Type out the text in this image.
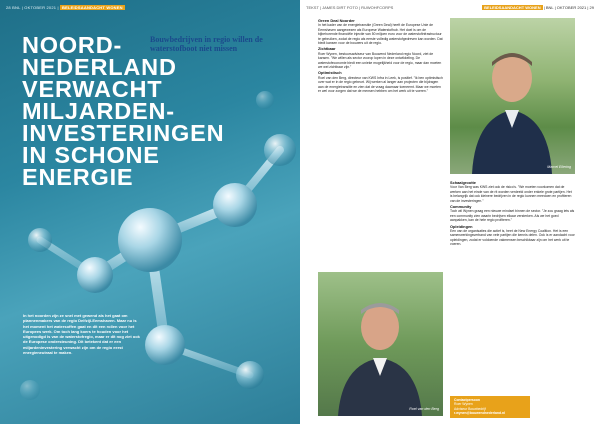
28 BNL | OKTOBER 2021 | BELEIDSAANDACHT WONEN
NOORD-
NEDERLAND
VERWACHT
MILJARDEN-
INVESTERINGEN
IN SCHONE
ENERGIE
Bouwbedrijven in regio willen de waterstofboot niet missen
In het noorden zijn ze snel met gewend als het gaat om plannenmakers van de regio Delfzijl-Eemshaven. Maar nu is het moment het watersoffen gaat en dit een rollen voor het Europees werk. Om toch lang koers te houden voor het uitgenodigd is van de waterstofregio, maar er dit nog ziet ook de Europese ondersteuning. Dit betekent dat er een miljardeninvestering verwacht zijn om de regio eerst energieneutraal te maken.
TEKST | JAMES DIRT FOTO | RUWOHFCORPS	BELEIDSAANDACHT WONEN | BNL | OKTOBER 2021 | 29
Green Deal Noorder

In het kader van de energietransitie (Green Deal) heeft de Europese Unie de Eemshaven aangewezen als Europese Waterstofhub. Het doel is om de bijbehorende financiële injectie van 50 miljoen euro voor de waterstofinfrastructuur te gebruiken, zodat de regio als eerste volledig waterstofgedreven kan worden. Dat biedt kansen voor de bouwers uit de regio.

Zichtbaar

Roer Wynen, bestuursadviseur van Bouwend Nederland regio Noord, ziet de kansen. "We willen als sector voorop lopen in deze ontwikkeling. De waterstofeconomie biedt een unieke mogelijkheid voor de regio, maar dan moeten we wel zichtbaar zijn."

Optimistisch

Roel van den Berg, directeur van KWS Infra in Leek, is positief. "Ik ben optimistisch over wat er in de regio gebeurt. Wij werken al langer aan projecten die bijdragen aan de energietransitie en zien dat de vraag daarnaar toeneemt. Maar we moeten er wel voor zorgen dat we de mensen hebben om het werk uit te voeren."

Marcel Eilering
Schaalgrootte

Voor Van Berg was KWS ziet ook de risico's. "We moeten voorkomen dat de werken aan het einde van de rit worden verdeeld onder enkele grote partijen. Het is belangrijk dat ook kleinere bedrijven in de regio kunnen meedoen en profiteren van de investeringen."

Community

Toch wil Wynen graag een nieuwe mindset binnen de sector. "Je zou graag iets als een community zien waarin bedrijven elkaar versterken. Als we het goed aanpakken, kan de hele regio profiteren."

Opleidingen

Een van de organisaties die actief is, heet de New Energy Coalition. Het is een samenwerkingsverband van vele partijen die kennis delen. Ook is er aandacht voor opleidingen, zodat er voldoende vakmensen beschikbaar zijn om het werk uit te voeren.

Roel van den Berg
Contactpersoon
Roer Wynen
Adviseur Bouwbedrijf
r.wynen@bouwendnederland.nl
